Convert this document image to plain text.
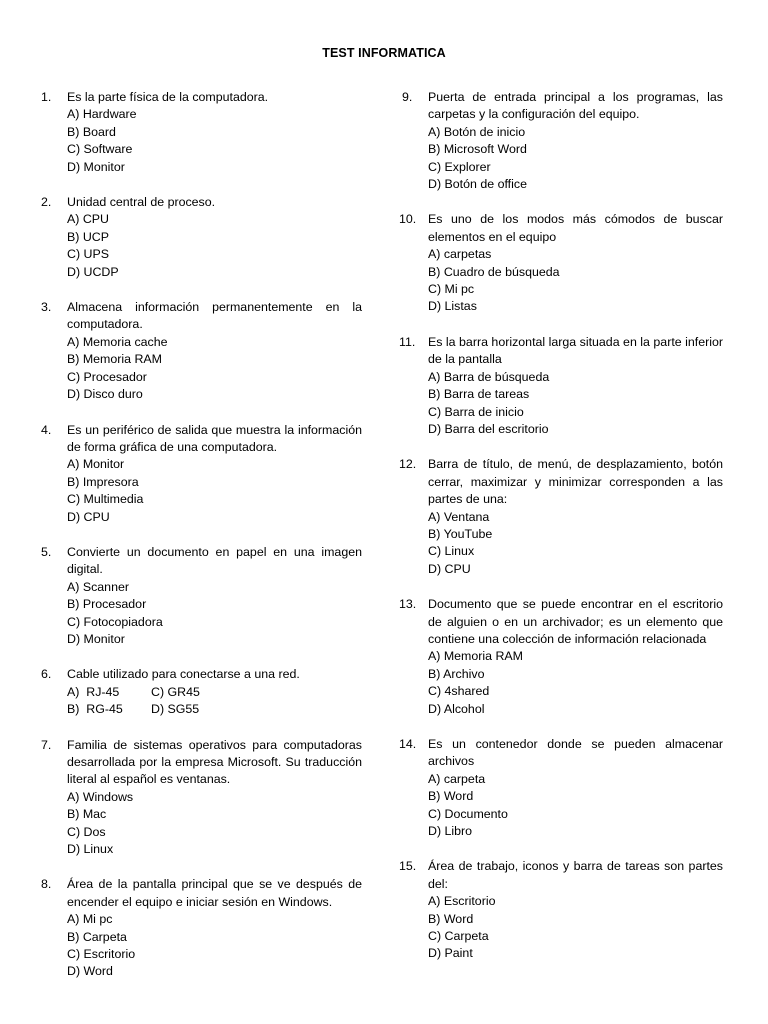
TEST INFORMATICA
1. Es la parte física de la computadora.
A) Hardware
B) Board
C) Software
D) Monitor
2. Unidad central de proceso.
A) CPU
B) UCP
C) UPS
D) UCDP
3. Almacena información permanentemente en la computadora.
A) Memoria cache
B) Memoria RAM
C) Procesador
D) Disco duro
4. Es un periférico de salida que muestra la información de forma gráfica de una computadora.
A) Monitor
B) Impresora
C) Multimedia
D) CPU
5. Convierte un documento en papel en una imagen digital.
A) Scanner
B) Procesador
C) Fotocopiadora
D) Monitor
6. Cable utilizado para conectarse a una red.
A)  RJ-45	C) GR45
B)  RG-45 D) SG55
7. Familia de sistemas operativos para computadoras desarrollada por la empresa Microsoft. Su traducción literal al español es ventanas.
A) Windows
B) Mac
C) Dos
D) Linux
8. Área de la pantalla principal que se ve después de encender el equipo e iniciar sesión en Windows.
A) Mi pc
B) Carpeta
C) Escritorio
D) Word
9. Puerta de entrada principal a los programas, las carpetas y la configuración del equipo.
A) Botón de inicio
B) Microsoft Word
C) Explorer
D) Botón de office
10. Es uno de los modos más cómodos de buscar elementos en el equipo
A) carpetas
B) Cuadro de búsqueda
C) Mi pc
D) Listas
11. Es la barra horizontal larga situada en la parte inferior de la pantalla
A) Barra de búsqueda
B) Barra de tareas
C) Barra de inicio
D) Barra del escritorio
12. Barra de título, de menú, de desplazamiento, botón cerrar, maximizar y minimizar corresponden a las partes de una:
A) Ventana
B) YouTube
C) Linux
D) CPU
13. Documento que se puede encontrar en el escritorio de alguien o en un archivador; es un elemento que contiene una colección de información relacionada
A) Memoria RAM
B) Archivo
C) 4shared
D) Alcohol
14. Es un contenedor donde se pueden almacenar archivos
A) carpeta
B) Word
C) Documento
D) Libro
15. Área de trabajo, iconos y barra de tareas son partes del:
A) Escritorio
B) Word
C) Carpeta
D) Paint
